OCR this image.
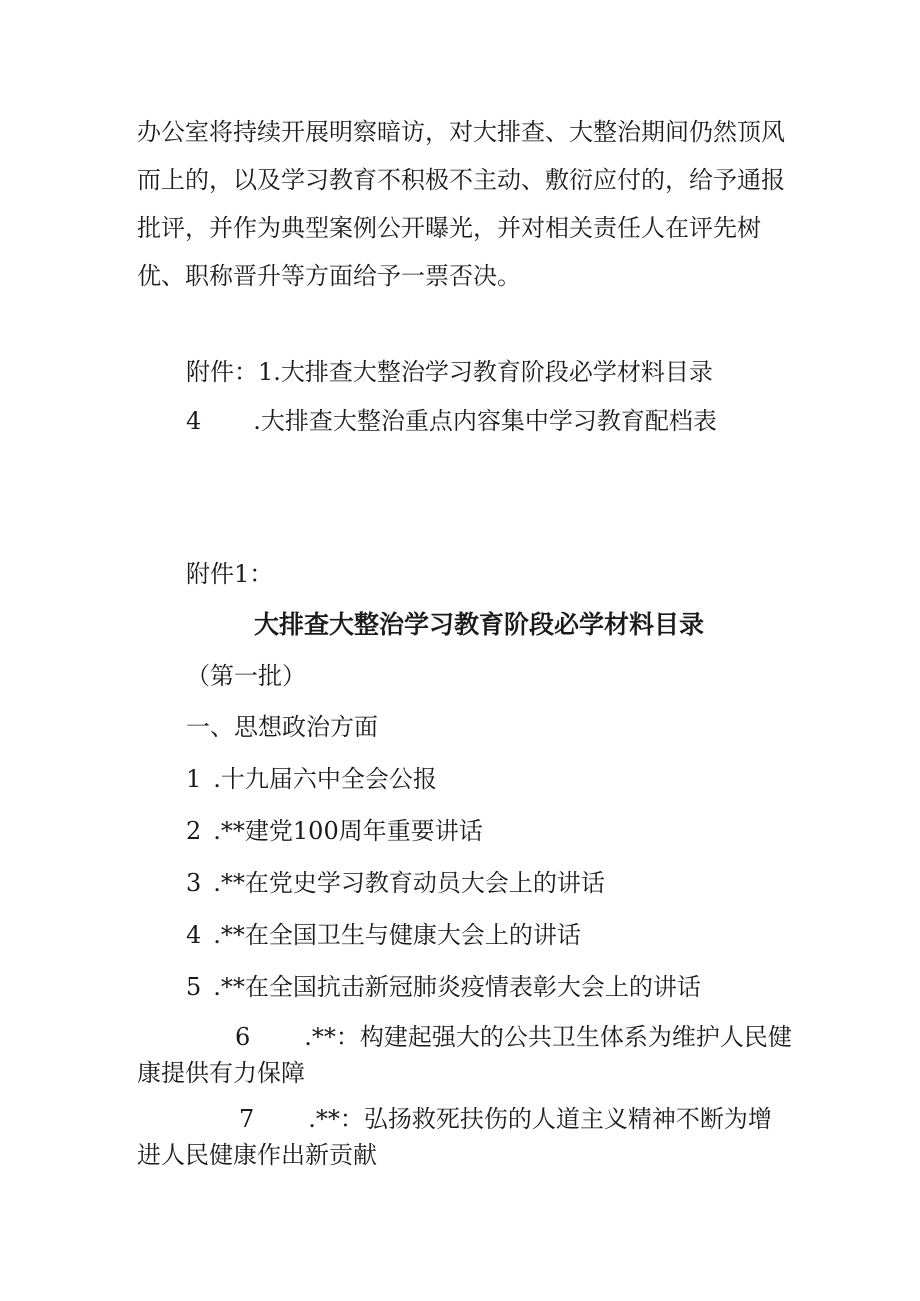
办公室将持续开展明察暗访，对大排查、大整治期间仍然顶风而上的，以及学习教育不积极不主动、敷衍应付的，给予通报批评，并作为典型案例公开曝光，并对相关责任人在评先树优、职称晋升等方面给予一票否决。

附件：1.大排查大整治学习教育阶段必学材料目录

4 .大排查大整治重点内容集中学习教育配档表

附件1：

大排查大整治学习教育阶段必学材料目录

（第一批）

一、思想政治方面

1 .十九届六中全会公报

2 .**建党100周年重要讲话

3 .**在党史学习教育动员大会上的讲话

4 .**在全国卫生与健康大会上的讲话

5 .**在全国抗击新冠肺炎疫情表彰大会上的讲话

6 .**：构建起强大的公共卫生体系为维护人民健康提供有力保障

7 .**：弘扬救死扶伤的人道主义精神不断为增进人民健康作出新贡献
